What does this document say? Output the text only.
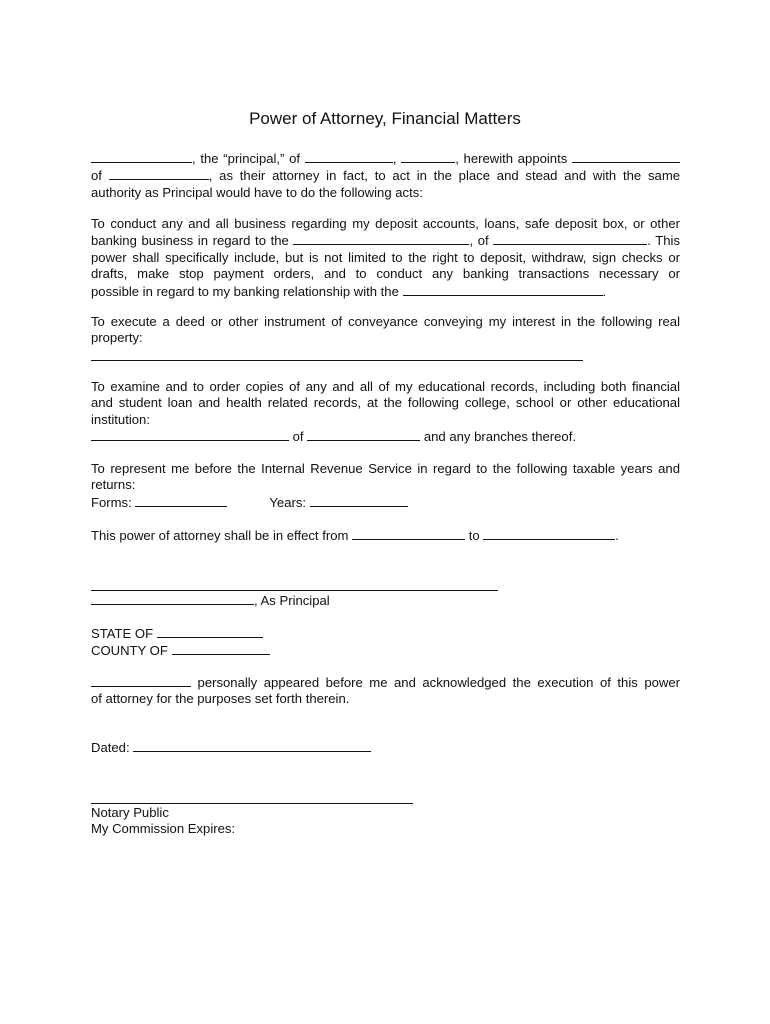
Power of Attorney, Financial Matters
, the “principal,” of	,	, herewith appoints
of	, as their attorney in fact, to act in the place and stead and with the same
authority as Principal would have to do the following acts:
To conduct any and all business regarding my deposit accounts, loans, safe deposit box, or other
banking business in regard to the	, of	. This
power shall specifically include, but is not limited to the right to deposit, withdraw, sign checks or
drafts, make stop payment orders, and to conduct any banking transactions necessary or
possible in regard to my banking relationship with the	.
To execute a deed or other instrument of conveyance conveying my interest in the following real
property:
To examine and to order copies of any and all of my educational records, including both financial
and student loan and health related records, at the following college, school or other educational
institution:
of	and any branches thereof.
To represent me before the Internal Revenue Service in regard to the following taxable years and
returns:
Forms:	Years:
This power of attorney shall be in effect from	to	.
, As Principal
STATE OF
COUNTY OF
personally appeared before me and acknowledged the execution of this power
of attorney for the purposes set forth therein.
Dated:
Notary Public
My Commission Expires:
